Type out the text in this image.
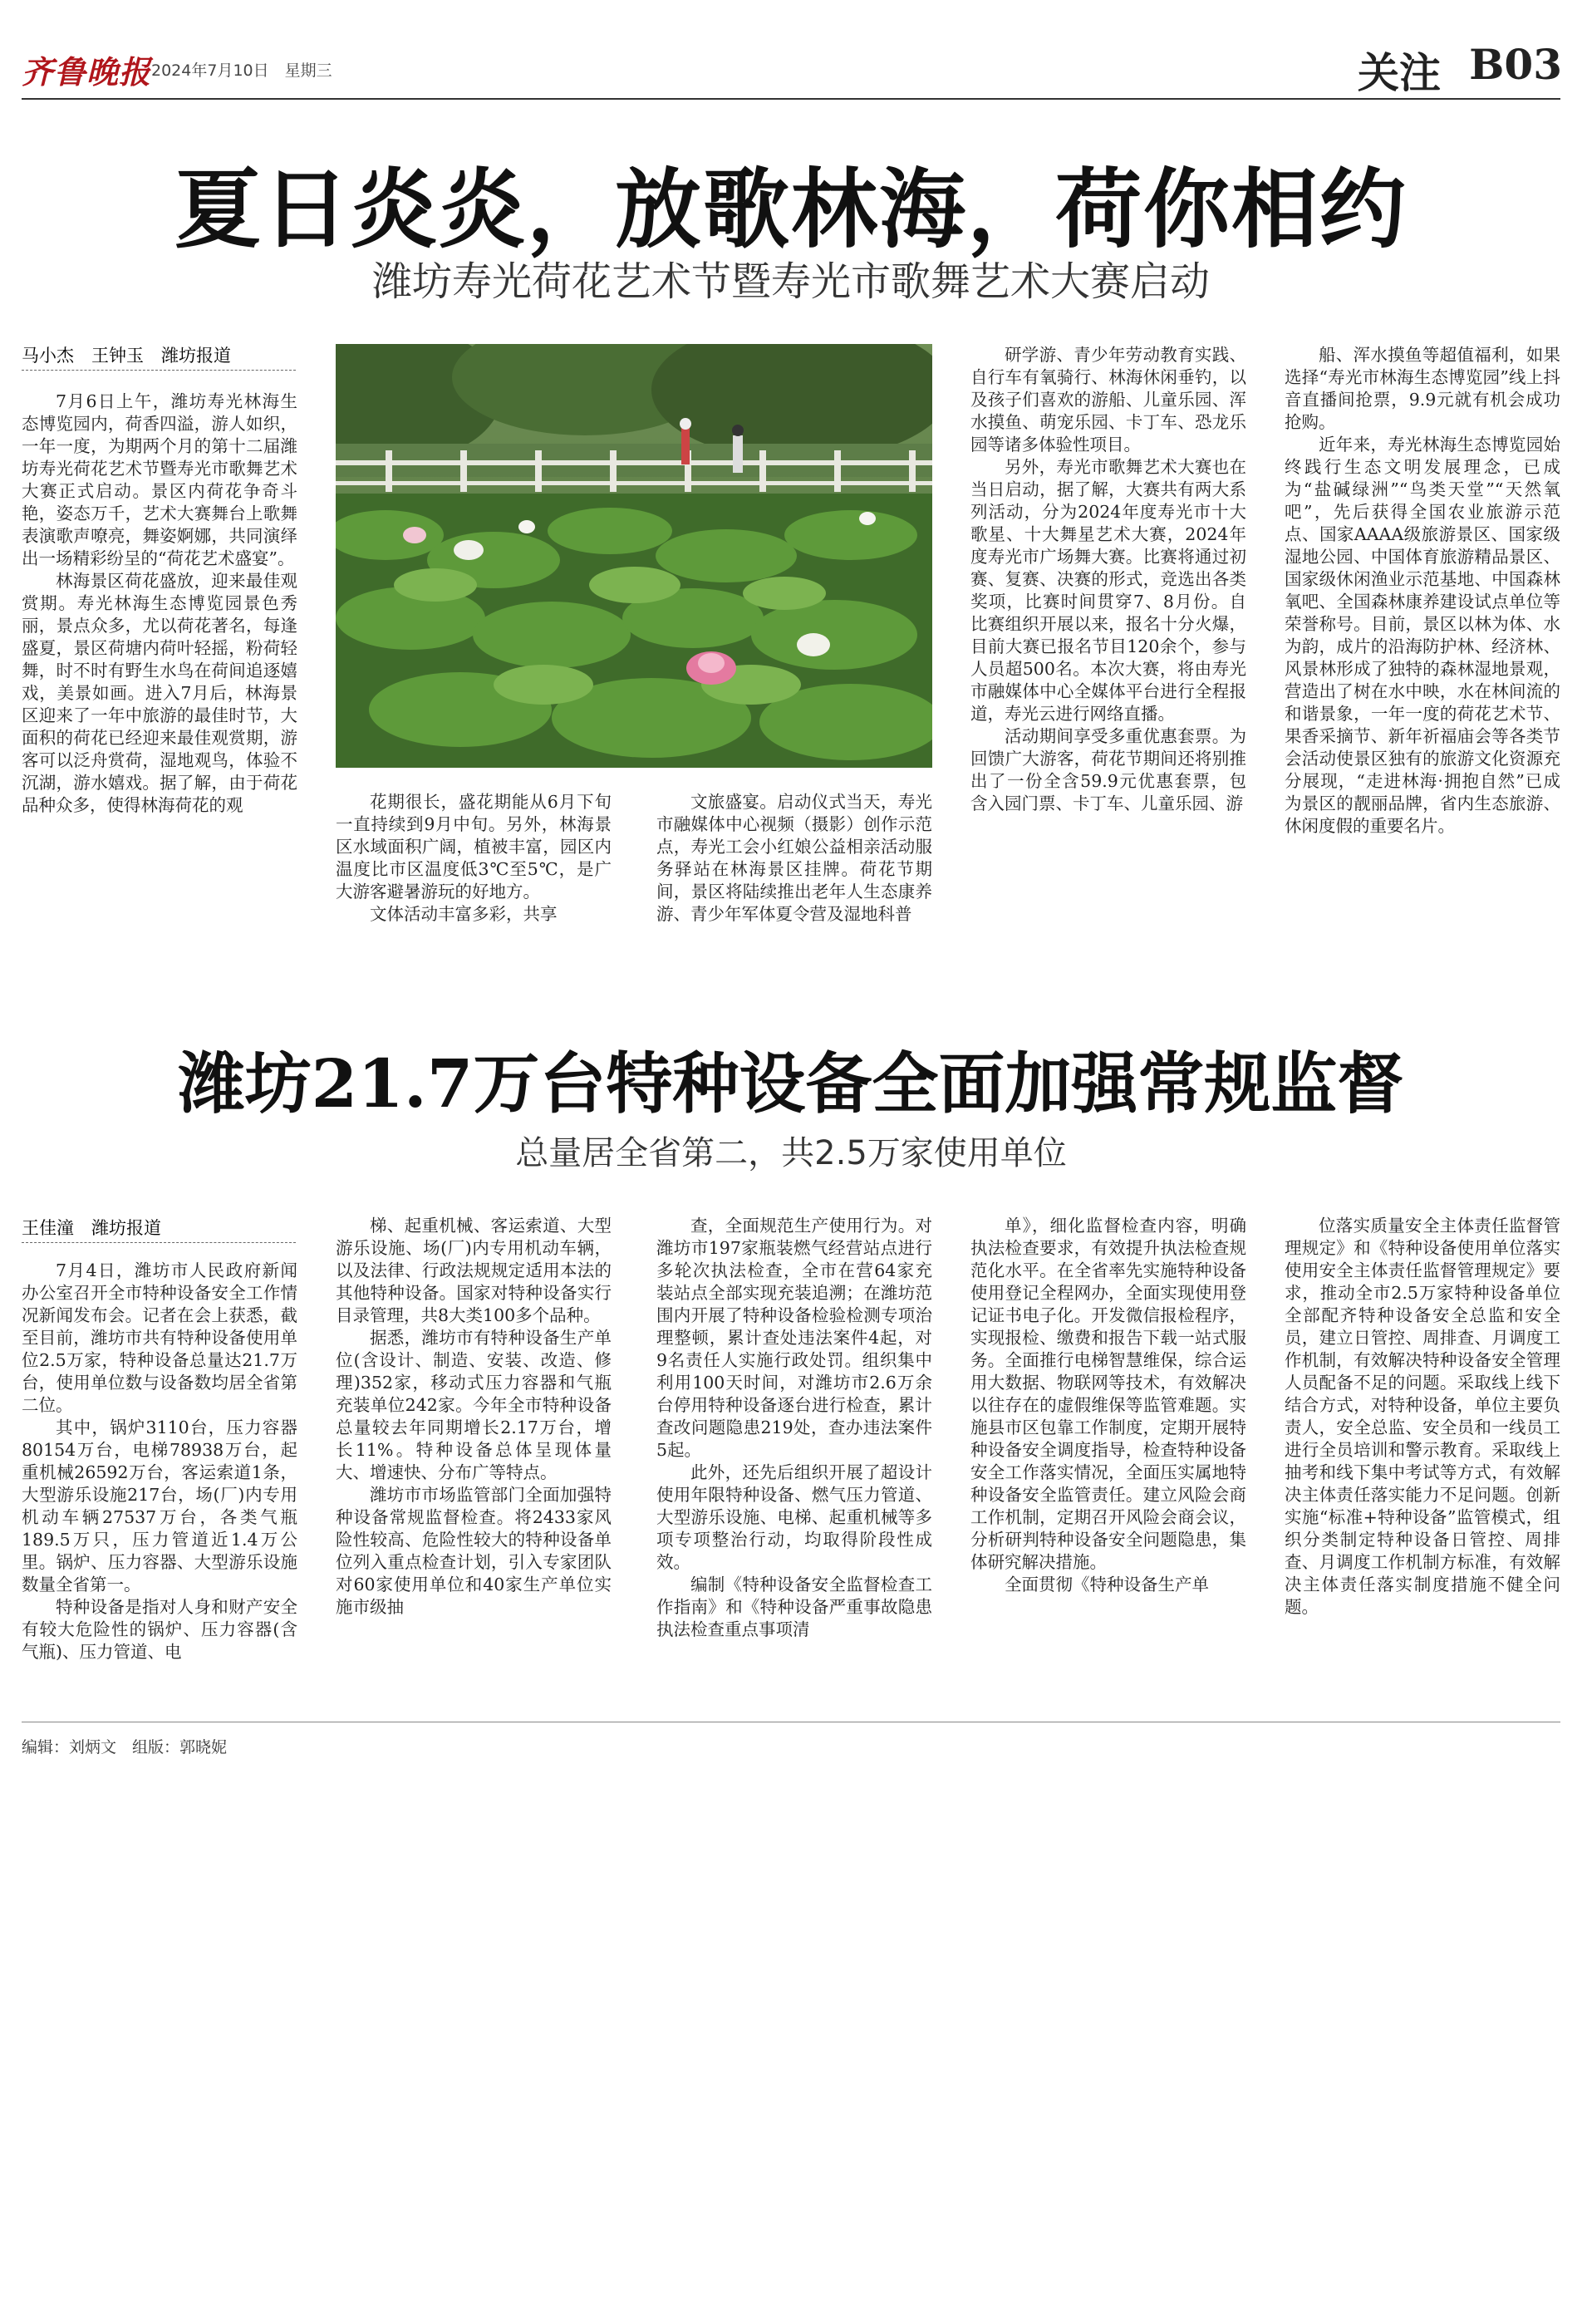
齐鲁晚报 2024年7月10日　星期三	关注 B03
夏日炎炎，放歌林海，荷你相约
潍坊寿光荷花艺术节暨寿光市歌舞艺术大赛启动
马小杰　王钟玉　潍坊报道

7月6日上午，潍坊寿光林海生态博览园内，荷香四溢，游人如织，一年一度，为期两个月的第十二届潍坊寿光荷花艺术节暨寿光市歌舞艺术大赛正式启动。景区内荷花争奇斗艳，姿态万千，艺术大赛舞台上歌舞表演歌声嘹亮，舞姿婀娜，共同演绎出一场精彩纷呈的“荷花艺术盛宴”。

林海景区荷花盛放，迎来最佳观赏期。寿光林海生态博览园景色秀丽，景点众多，尤以荷花著名，每逢盛夏，景区荷塘内荷叶轻摇，粉荷轻舞，时不时有野生水鸟在荷间追逐嬉戏，美景如画。进入7月后，林海景区迎来了一年中旅游的最佳时节，大面积的荷花已经迎来最佳观赏期，游客可以泛舟赏荷，湿地观鸟，体验不沉湖，游水嬉戏。据了解，由于荷花品种众多，使得林海荷花的观	花期很长，盛花期能从6月下旬一直持续到9月中旬。另外，林海景区水域面积广阔，植被丰富，园区内温度比市区温度低3℃至5℃，是广大游客避暑游玩的好地方。

文体活动丰富多彩，共享

文旅盛宴。启动仪式当天，寿光市融媒体中心视频（摄影）创作示范点，寿光工会小红娘公益相亲活动服务驿站在林海景区挂牌。荷花节期间，景区将陆续推出老年人生态康养游、青少年军体夏令营及湿地科普

研学游、青少年劳动教育实践、自行车有氧骑行、林海休闲垂钓，以及孩子们喜欢的游船、儿童乐园、浑水摸鱼、萌宠乐园、卡丁车、恐龙乐园等诸多体验性项目。

另外，寿光市歌舞艺术大赛也在当日启动，据了解，大赛共有两大系列活动，分为2024年度寿光市十大歌星、十大舞星艺术大赛，2024年度寿光市广场舞大赛。比赛将通过初赛、复赛、决赛的形式，竞选出各类奖项，比赛时间贯穿7、8月份。自比赛组织开展以来，报名十分火爆，目前大赛已报名节目120余个，参与人员超500名。本次大赛，将由寿光市融媒体中心全媒体平台进行全程报道，寿光云进行网络直播。

活动期间享受多重优惠套票。为回馈广大游客，荷花节期间还将别推出了一份全含59.9元优惠套票，包含入园门票、卡丁车、儿童乐园、游

船、浑水摸鱼等超值福利，如果选择“寿光市林海生态博览园”线上抖音直播间抢票，9.9元就有机会成功抢购。

近年来，寿光林海生态博览园始终践行生态文明发展理念，已成为“盐碱绿洲”“鸟类天堂”“天然氧吧”，先后获得全国农业旅游示范点、国家AAAA级旅游景区、国家级湿地公园、中国体育旅游精品景区、国家级休闲渔业示范基地、中国森林氧吧、全国森林康养建设试点单位等荣誉称号。目前，景区以林为体、水为韵，成片的沿海防护林、经济林、风景林形成了独特的森林湿地景观，营造出了树在水中映，水在林间流的和谐景象，一年一度的荷花艺术节、果香采摘节、新年祈福庙会等各类节会活动使景区独有的旅游文化资源充分展现，“走进林海·拥抱自然”已成为景区的靓丽品牌，省内生态旅游、休闲度假的重要名片。

潍坊21.7万台特种设备全面加强常规监督
总量居全省第二，共2.5万家使用单位
王佳潼　潍坊报道

7月4日，潍坊市人民政府新闻办公室召开全市特种设备安全工作情况新闻发布会。记者在会上获悉，截至目前，潍坊市共有特种设备使用单位2.5万家，特种设备总量达21.7万台，使用单位数与设备数均居全省第二位。

其中，锅炉3110台，压力容器80154万台，电梯78938万台，起重机械26592万台，客运索道1条，大型游乐设施217台，场(厂)内专用机动车辆27537万台，各类气瓶189.5万只，压力管道近1.4万公里。锅炉、压力容器、大型游乐设施数量全省第一。

特种设备是指对人身和财产安全有较大危险性的锅炉、压力容器(含气瓶)、压力管道、电

梯、起重机械、客运索道、大型游乐设施、场(厂)内专用机动车辆，以及法律、行政法规规定适用本法的其他特种设备。国家对特种设备实行目录管理，共8大类100多个品种。

据悉，潍坊市有特种设备生产单位(含设计、制造、安装、改造、修理)352家，移动式压力容器和气瓶充装单位242家。今年全市特种设备总量较去年同期增长2.17万台，增长11%。特种设备总体呈现体量大、增速快、分布广等特点。

潍坊市市场监管部门全面加强特种设备常规监督检查。将2433家风险性较高、危险性较大的特种设备单位列入重点检查计划，引入专家团队对60家使用单位和40家生产单位实施市级抽

查，全面规范生产使用行为。对潍坊市197家瓶装燃气经营站点进行多轮次执法检查，全市在营64家充装站点全部实现充装追溯；在潍坊范围内开展了特种设备检验检测专项治理整顿，累计查处违法案件4起，对9名责任人实施行政处罚。组织集中利用100天时间，对潍坊市2.6万余台停用特种设备逐台进行检查，累计查改问题隐患219处，查办违法案件5起。

此外，还先后组织开展了超设计使用年限特种设备、燃气压力管道、大型游乐设施、电梯、起重机械等多项专项整治行动，均取得阶段性成效。

编制《特种设备安全监督检查工作指南》和《特种设备严重事故隐患执法检查重点事项清

单》，细化监督检查内容，明确执法检查要求，有效提升执法检查规范化水平。在全省率先实施特种设备使用登记全程网办，全面实现使用登记证书电子化。开发微信报检程序，实现报检、缴费和报告下载一站式服务。全面推行电梯智慧维保，综合运用大数据、物联网等技术，有效解决以往存在的虚假维保等监管难题。实施县市区包靠工作制度，定期开展特种设备安全调度指导，检查特种设备安全工作落实情况，全面压实属地特种设备安全监管责任。建立风险会商工作机制，定期召开风险会商会议，分析研判特种设备安全问题隐患，集体研究解决措施。

全面贯彻《特种设备生产单

位落实质量安全主体责任监督管理规定》和《特种设备使用单位落实使用安全主体责任监督管理规定》要求，推动全市2.5万家特种设备单位全部配齐特种设备安全总监和安全员，建立日管控、周排查、月调度工作机制，有效解决特种设备安全管理人员配备不足的问题。采取线上线下结合方式，对特种设备，单位主要负责人，安全总监、安全员和一线员工进行全员培训和警示教育。采取线上抽考和线下集中考试等方式，有效解决主体责任落实能力不足问题。创新实施“标准+特种设备”监管模式，组织分类制定特种设备日管控、周排查、月调度工作机制方标准，有效解决主体责任落实制度措施不健全问题。

编辑：刘炳文　组版：郭晓妮
